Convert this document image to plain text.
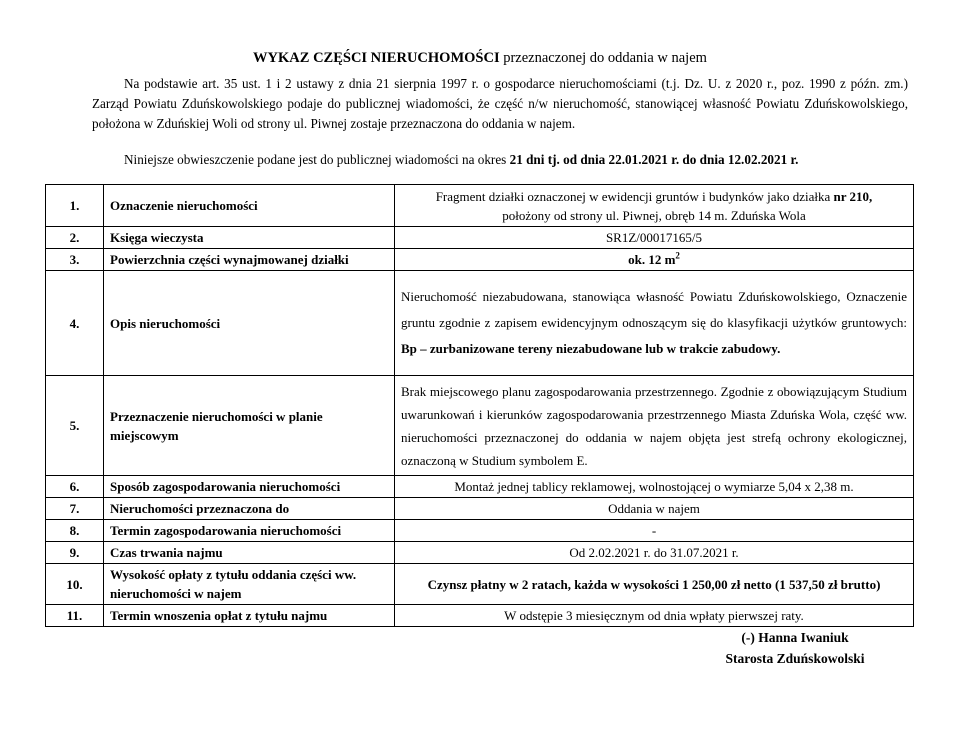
WYKAZ CZĘŚCI NIERUCHOMOŚCI przeznaczonej do oddania w najem
Na podstawie art. 35 ust. 1 i 2 ustawy z dnia 21 sierpnia 1997 r. o gospodarce nieruchomościami (t.j. Dz. U. z 2020 r., poz. 1990 z późn. zm.) Zarząd Powiatu Zduńskowolskiego podaje do publicznej wiadomości, że część n/w nieruchomość, stanowiącej własność Powiatu Zduńskowolskiego, położona w Zduńskiej Woli od strony ul. Piwnej zostaje przeznaczona do oddania w najem.
Niniejsze obwieszczenie podane jest do publicznej wiadomości na okres 21 dni tj. od dnia 22.01.2021 r. do dnia 12.02.2021 r.
1.	Oznaczenie nieruchomości	Fragment działki oznaczonej w ewidencji gruntów i budynków jako działka nr 210,
położony od strony ul. Piwnej, obręb 14 m. Zduńska Wola
2.	Księga wieczysta	SR1Z/00017165/5
3.	Powierzchnia części wynajmowanej działki	ok. 12 $m^2$
4.	Opis nieruchomości	Nieruchomość niezabudowana, stanowiąca własność Powiatu Zduńskowolskiego, Oznaczenie gruntu zgodnie z zapisem ewidencyjnym odnoszącym się do klasyfikacji użytków gruntowych: Bp – zurbanizowane tereny niezabudowane lub w trakcie zabudowy.
5.	Przeznaczenie nieruchomości w planie miejscowym	Brak miejscowego planu zagospodarowania przestrzennego. Zgodnie z obowiązującym Studium uwarunkowań i kierunków zagospodarowania przestrzennego Miasta Zduńska Wola, część ww. nieruchomości przeznaczonej do oddania w najem objęta jest strefą ochrony ekologicznej, oznaczoną w Studium symbolem E.
6.	Sposób zagospodarowania nieruchomości	Montaż jednej tablicy reklamowej, wolnostojącej o wymiarze 5,04 x 2,38 m.
7.	Nieruchomości przeznaczona do	Oddania w najem
8.	Termin zagospodarowania nieruchomości	-
9.	Czas trwania najmu	Od 2.02.2021 r. do 31.07.2021 r.
10.	Wysokość opłaty z tytułu oddania części ww. nieruchomości w najem	Czynsz płatny w 2 ratach, każda w wysokości 1 250,00 zł netto (1 537,50 zł brutto)
11.	Termin wnoszenia opłat z tytułu najmu	W odstępie 3 miesięcznym od dnia wpłaty pierwszej raty.
(-) Hanna Iwaniuk
Starosta Zduńskowolski
